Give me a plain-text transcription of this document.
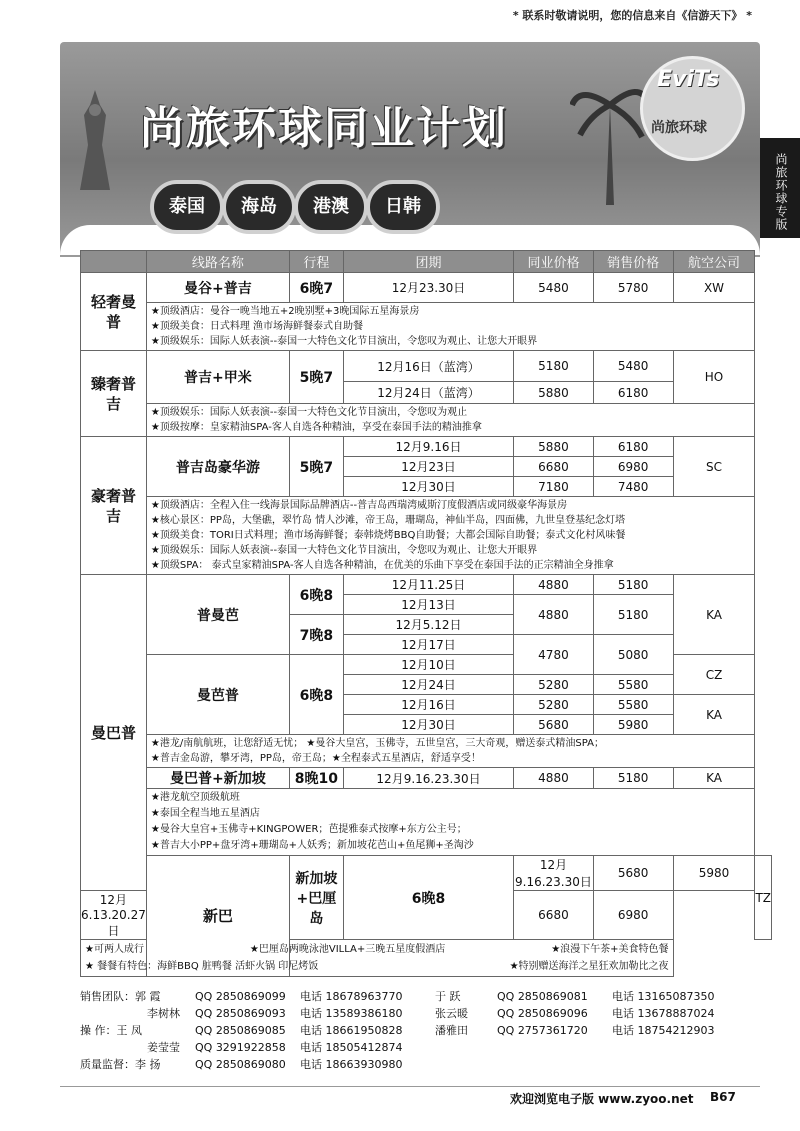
* 联系时敬请说明，您的信息来自《信游天下》 *
尚旅环球同业计划
EviTs
尚旅环球
泰国	海岛	港澳	日韩	尚旅环球专版
	线路名称	行程	团期	同业价格	销售价格	航空公司	
轻奢曼普	曼谷+普吉	6晚7	12月23.30日	5480	5780	XW	

	★顶级酒店：曼谷一晚当地五+2晚别墅+3晚国际五星海景房
★顶级美食：日式料理 渔市场海鲜餐泰式自助餐
★顶级娱乐：国际人妖表演--泰国一大特色文化节目演出，令您叹为观止、让您大开眼界						

臻奢普吉	普吉+甲米	5晚7	12月16日（蓝湾）	5180	5480	HO	
			12月24日（蓝湾）	5880	6180		

	★顶级娱乐：国际人妖表演--泰国一大特色文化节目演出，令您叹为观止
★顶级按摩：皇家精油SPA-客人自选各种精油，享受在泰国手法的精油推拿						

豪奢普吉	普吉岛豪华游	5晚7	12月9.16日	5880	6180	SC	
			12月23日	6680	6980		
			12月30日	7180	7480		

	★顶级酒店：全程入住一线海景国际品牌酒店--普吉岛西瑞湾威斯汀度假酒店或同级豪华海景房
★核心景区：PP岛，大堡礁，翠竹岛 情人沙滩，帝王岛，珊瑚岛，神仙半岛，四面佛，九世皇登基纪念灯塔
★顶级美食：TORI日式料理；渔市场海鲜餐；泰韩烧烤BBQ自助餐；大都会国际自助餐；泰式文化村风味餐
★顶级娱乐：国际人妖表演--泰国一大特色文化节目演出，令您叹为观止、让您大开眼界
★顶级SPA： 泰式皇家精油SPA-客人自选各种精油，在优美的乐曲下享受在泰国手法的正宗精油全身推拿						

曼巴普	普曼芭	6晚8	12月11.25日	4880	5180	KA	
			12月13日	4880	5180		
		7晚8	12月5.12日				
			12月17日	4780	5080		
	曼芭普	6晚8	12月10日			CZ	
			12月24日	5280	5580		
			12月16日	5280	5580	KA	
			12月30日	5680	5980		

	★港龙/南航航班，让您舒适无忧； ★曼谷大皇宫，玉佛寺，五世皇宫，三大奇观，赠送泰式精油SPA；
★普吉金岛游，攀牙湾，PP岛，帝王岛；★全程泰式五星酒店，舒适享受！						

	曼巴普+新加坡	8晚10	12月9.16.23.30日	4880	5180	KA	

	★港龙航空顶级航班
★泰国全程当地五星酒店
★曼谷大皇宫+玉佛寺+KINGPOWER；芭提雅泰式按摩+东方公主号；
★普吉大小PP+盘牙湾+珊瑚岛+人妖秀；新加坡花芭山+鱼尾狮+圣淘沙						

	新巴	新加坡+巴厘岛	6晚8	12月9.16.23.30日	5680	5980	TZ
12月6.13.20.27日				6680	6980		

★可两人成行 ★巴厘岛两晚泳池VILLA+三晚五星度假酒店 ★浪漫下午茶+美食特色餐
★ 餐餐有特色：海鲜BBQ 脏鸭餐 活虾火锅 印尼烤饭 ★特别赠送海洋之星狂欢加勒比之夜							
销售团队：郭 霞	QQ 2850869099	电话 18678963770	于 跃	QQ 2850869081	电话 13165087350
李树林	QQ 2850869093	电话 13589386180	张云暖	QQ 2850869096	电话 13678887024
操 作：王 凤	QQ 2850869085	电话 18661950828	潘雅田	QQ 2757361720	电话 18754212903
姜莹莹	QQ 3291922858	电话 18505412874
质量监督：李 扬	QQ 2850869080	电话 18663930980
欢迎浏览电子版 www.zyoo.net B67
